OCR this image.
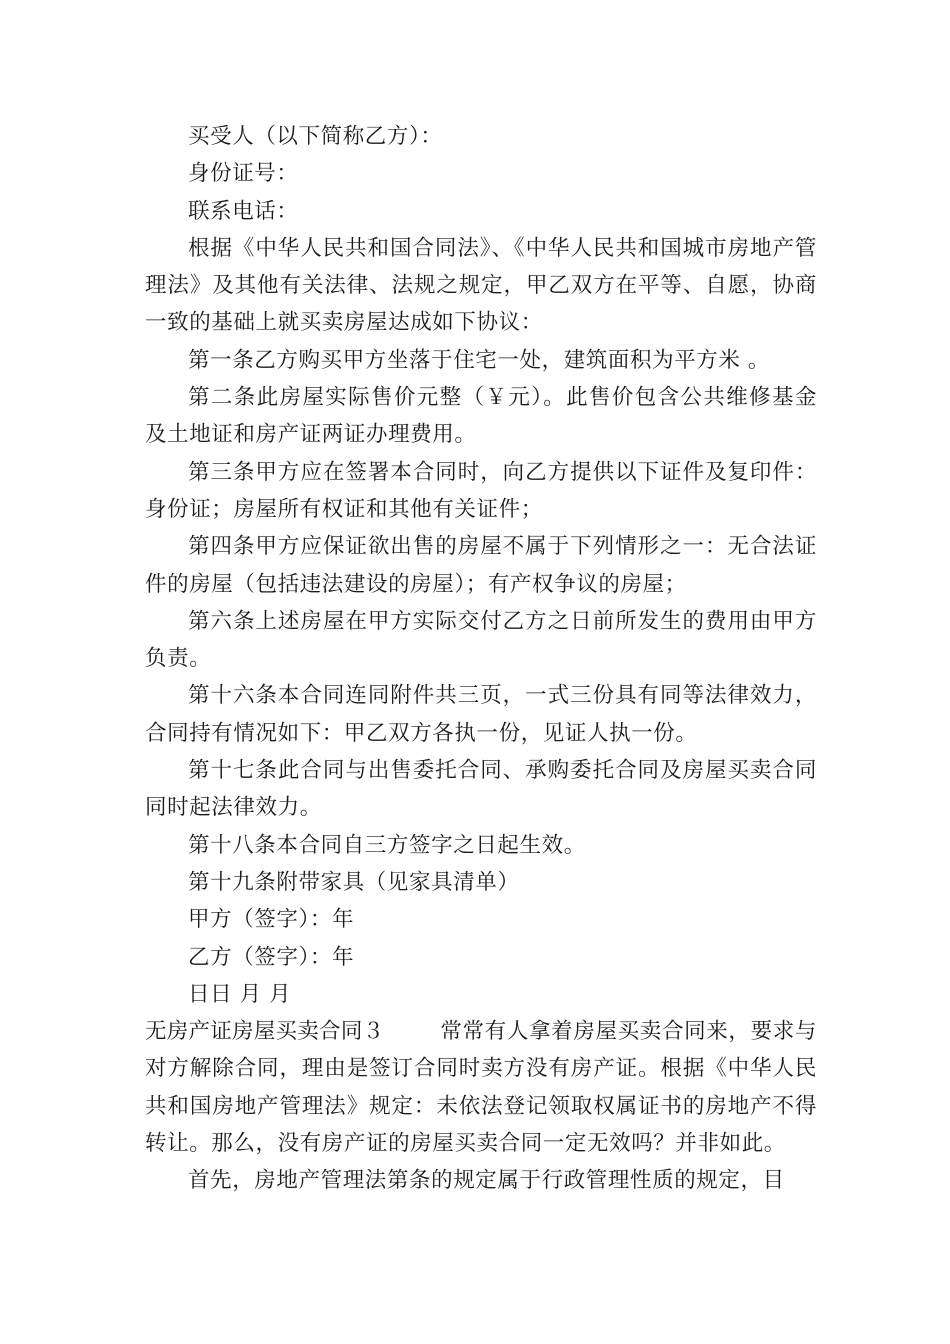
买受人（以下简称乙方）：

身份证号：

联系电话：

根据《中华人民共和国合同法》、《中华人民共和国城市房地产管理法》及其他有关法律、法规之规定，甲乙双方在平等、自愿，协商一致的基础上就买卖房屋达成如下协议：

第一条乙方购买甲方坐落于住宅一处，建筑面积为平方米 。

第二条此房屋实际售价元整（￥元）。此售价包含公共维修基金及土地证和房产证两证办理费用。

第三条甲方应在签署本合同时，向乙方提供以下证件及复印件：身份证；房屋所有权证和其他有关证件；

第四条甲方应保证欲出售的房屋不属于下列情形之一：无合法证件的房屋（包括违法建设的房屋）；有产权争议的房屋；

第六条上述房屋在甲方实际交付乙方之日前所发生的费用由甲方负责。

第十六条本合同连同附件共三页，一式三份具有同等法律效力，合同持有情况如下：甲乙双方各执一份，见证人执一份。

第十七条此合同与出售委托合同、承购委托合同及房屋买卖合同同时起法律效力。

第十八条本合同自三方签字之日起生效。

第十九条附带家具（见家具清单）

甲方（签字）：年

乙方（签字）：年

日日 月 月

无房产证房屋买卖合同３	常常有人拿着房屋买卖合同来，要求与对方解除合同，理由是签订合同时卖方没有房产证。根据《中华人民共和国房地产管理法》规定：未依法登记领取权属证书的房地产不得转让。那么，没有房产证的房屋买卖合同一定无效吗？并非如此。

首先，房地产管理法第条的规定属于行政管理性质的规定，目
